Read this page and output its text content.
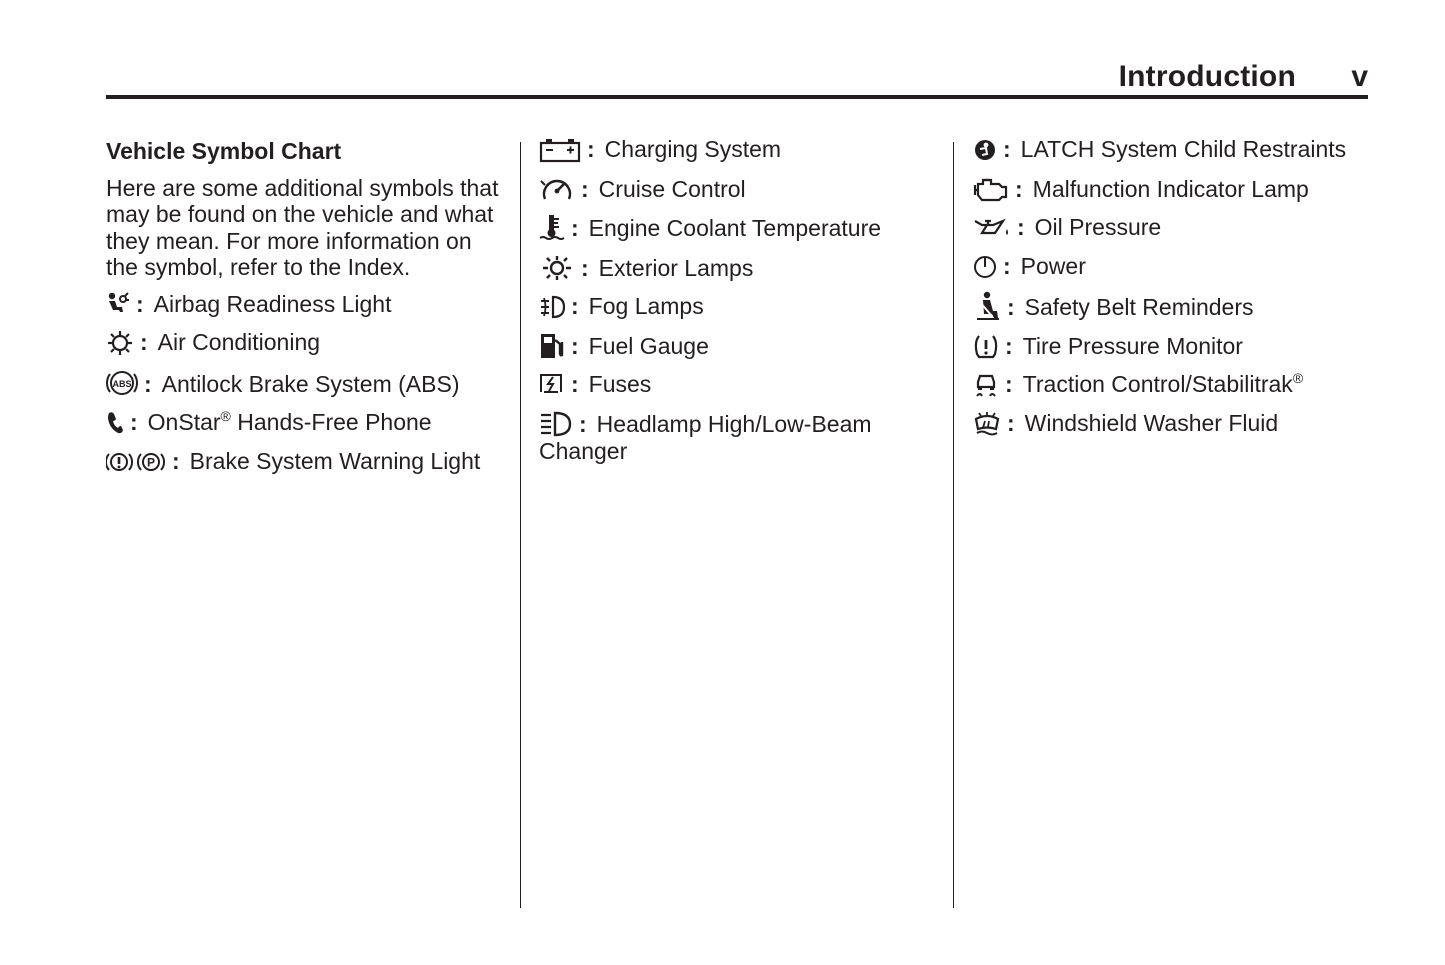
Introduction v
Vehicle Symbol Chart

Here are some additional symbols that may be found on the vehicle and what they mean. For more information on the symbol, refer to the Index.

: Airbag Readiness Light
: Air Conditioning
ABS : Antilock Brake System (ABS)
: OnStar® Hands-Free Phone
P : Brake System Warning Light
: Charging System
: Cruise Control
: Engine Coolant Temperature
: Exterior Lamps
: Fog Lamps
: Fuel Gauge
: Fuses
: Headlamp High/Low-Beam Changer
: LATCH System Child Restraints
: Malfunction Indicator Lamp
: Oil Pressure
: Power
: Safety Belt Reminders
: Tire Pressure Monitor
: Traction Control/Stabilitrak®
: Windshield Washer Fluid
